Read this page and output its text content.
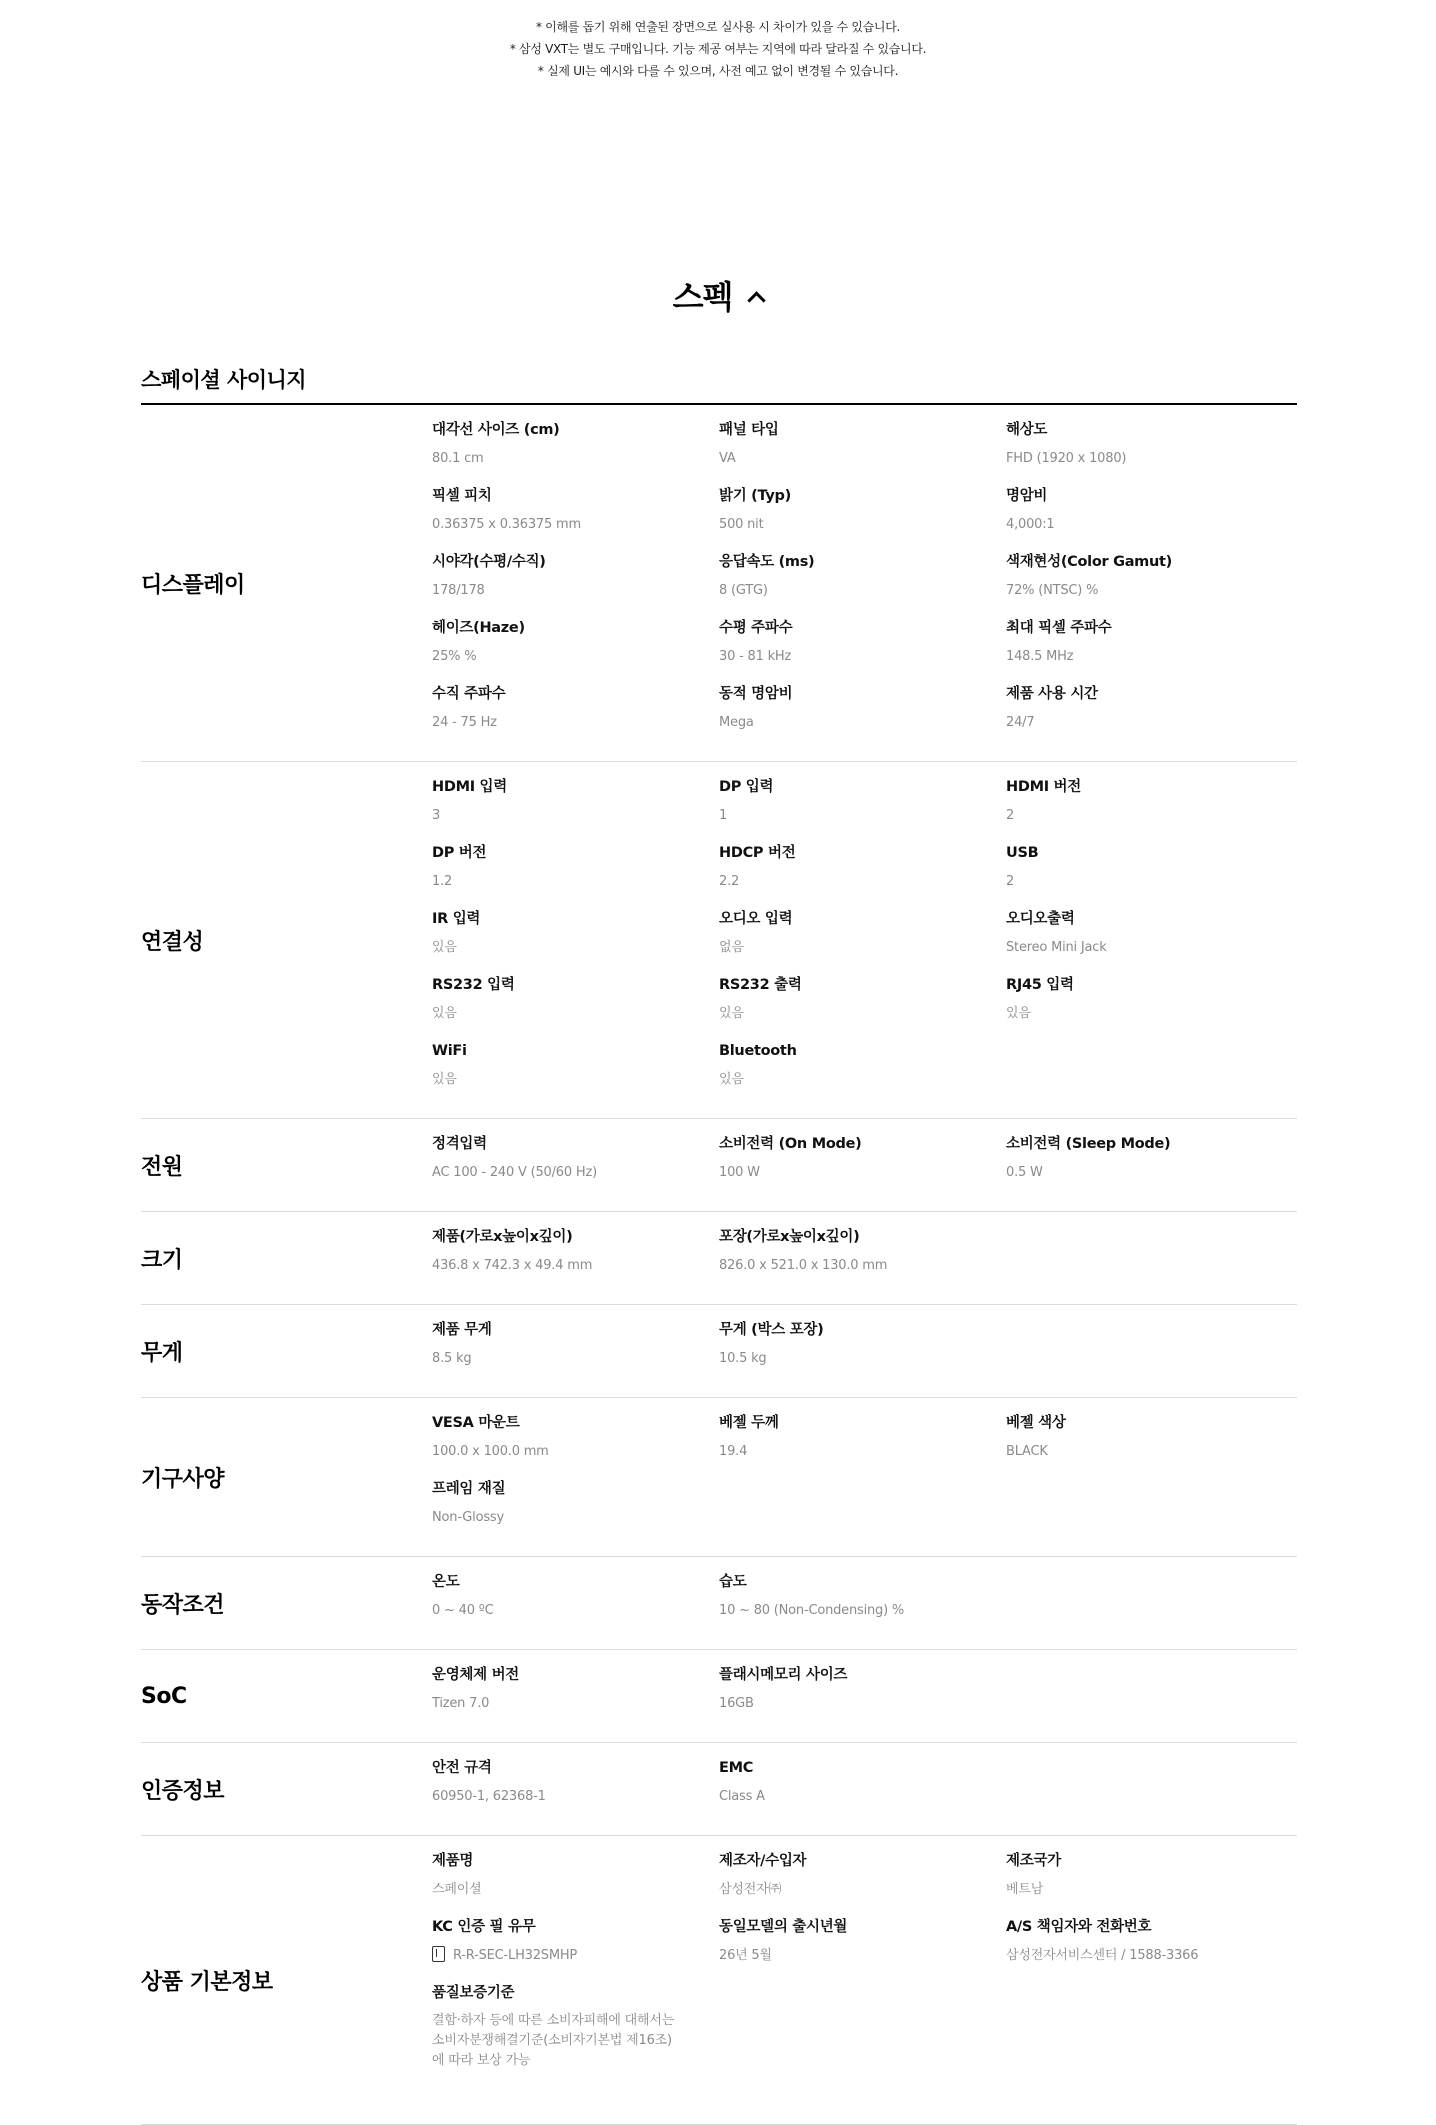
* 이해를 돕기 위해 연출된 장면으로 실사용 시 차이가 있을 수 있습니다.

* 삼성 VXT는 별도 구매입니다. 기능 제공 여부는 지역에 따라 달라질 수 있습니다.

* 실제 UI는 예시와 다를 수 있으며, 사전 예고 없이 변경될 수 있습니다.

스펙
스페이셜 사이니지
디스플레이
대각선 사이즈 (cm)
80.1 cm
패널 타입
VA
해상도
FHD (1920 x 1080)
픽셀 피치
0.36375 x 0.36375 mm
밝기 (Typ)
500 nit
명암비
4,000:1
시야각(수평/수직)
178/178
응답속도 (ms)
8 (GTG)
색재현성(Color Gamut)
72% (NTSC) %
헤이즈(Haze)
25% %
수평 주파수
30 - 81 kHz
최대 픽셀 주파수
148.5 MHz
수직 주파수
24 - 75 Hz
동적 명암비
Mega
제품 사용 시간
24/7
연결성
HDMI 입력
3
DP 입력
1
HDMI 버전
2
DP 버전
1.2
HDCP 버전
2.2
USB
2
IR 입력
있음
오디오 입력
없음
오디오출력
Stereo Mini Jack
RS232 입력
있음
RS232 출력
있음
RJ45 입력
있음
WiFi
있음
Bluetooth
있음
전원
정격입력
AC 100 - 240 V (50/60 Hz)
소비전력 (On Mode)
100 W
소비전력 (Sleep Mode)
0.5 W
크기
제품(가로x높이x깊이)
436.8 x 742.3 x 49.4 mm
포장(가로x높이x깊이)
826.0 x 521.0 x 130.0 mm
무게
제품 무게
8.5 kg
무게 (박스 포장)
10.5 kg
기구사양
VESA 마운트
100.0 x 100.0 mm
베젤 두께
19.4
베젤 색상
BLACK
프레임 재질
Non-Glossy
동작조건
온도
0 ~ 40 ºC
습도
10 ~ 80 (Non-Condensing) %
SoC
운영체제 버전
Tizen 7.0
플래시메모리 사이즈
16GB
인증정보
안전 규격
60950-1, 62368-1
EMC
Class A
상품 기본정보
제품명
스페이셜
제조자/수입자
삼성전자㈜
제조국가
베트남
KC 인증 필 유무
R-R-SEC-LH32SMHP
동일모델의 출시년월
26년 5월
A/S 책임자와 전화번호
삼성전자서비스센터 / 1588-3366
품질보증기준
결함·하자 등에 따른 소비자피해에 대해서는
소비자분쟁해결기준(소비자기본법 제16조)
에 따라 보상 가능
